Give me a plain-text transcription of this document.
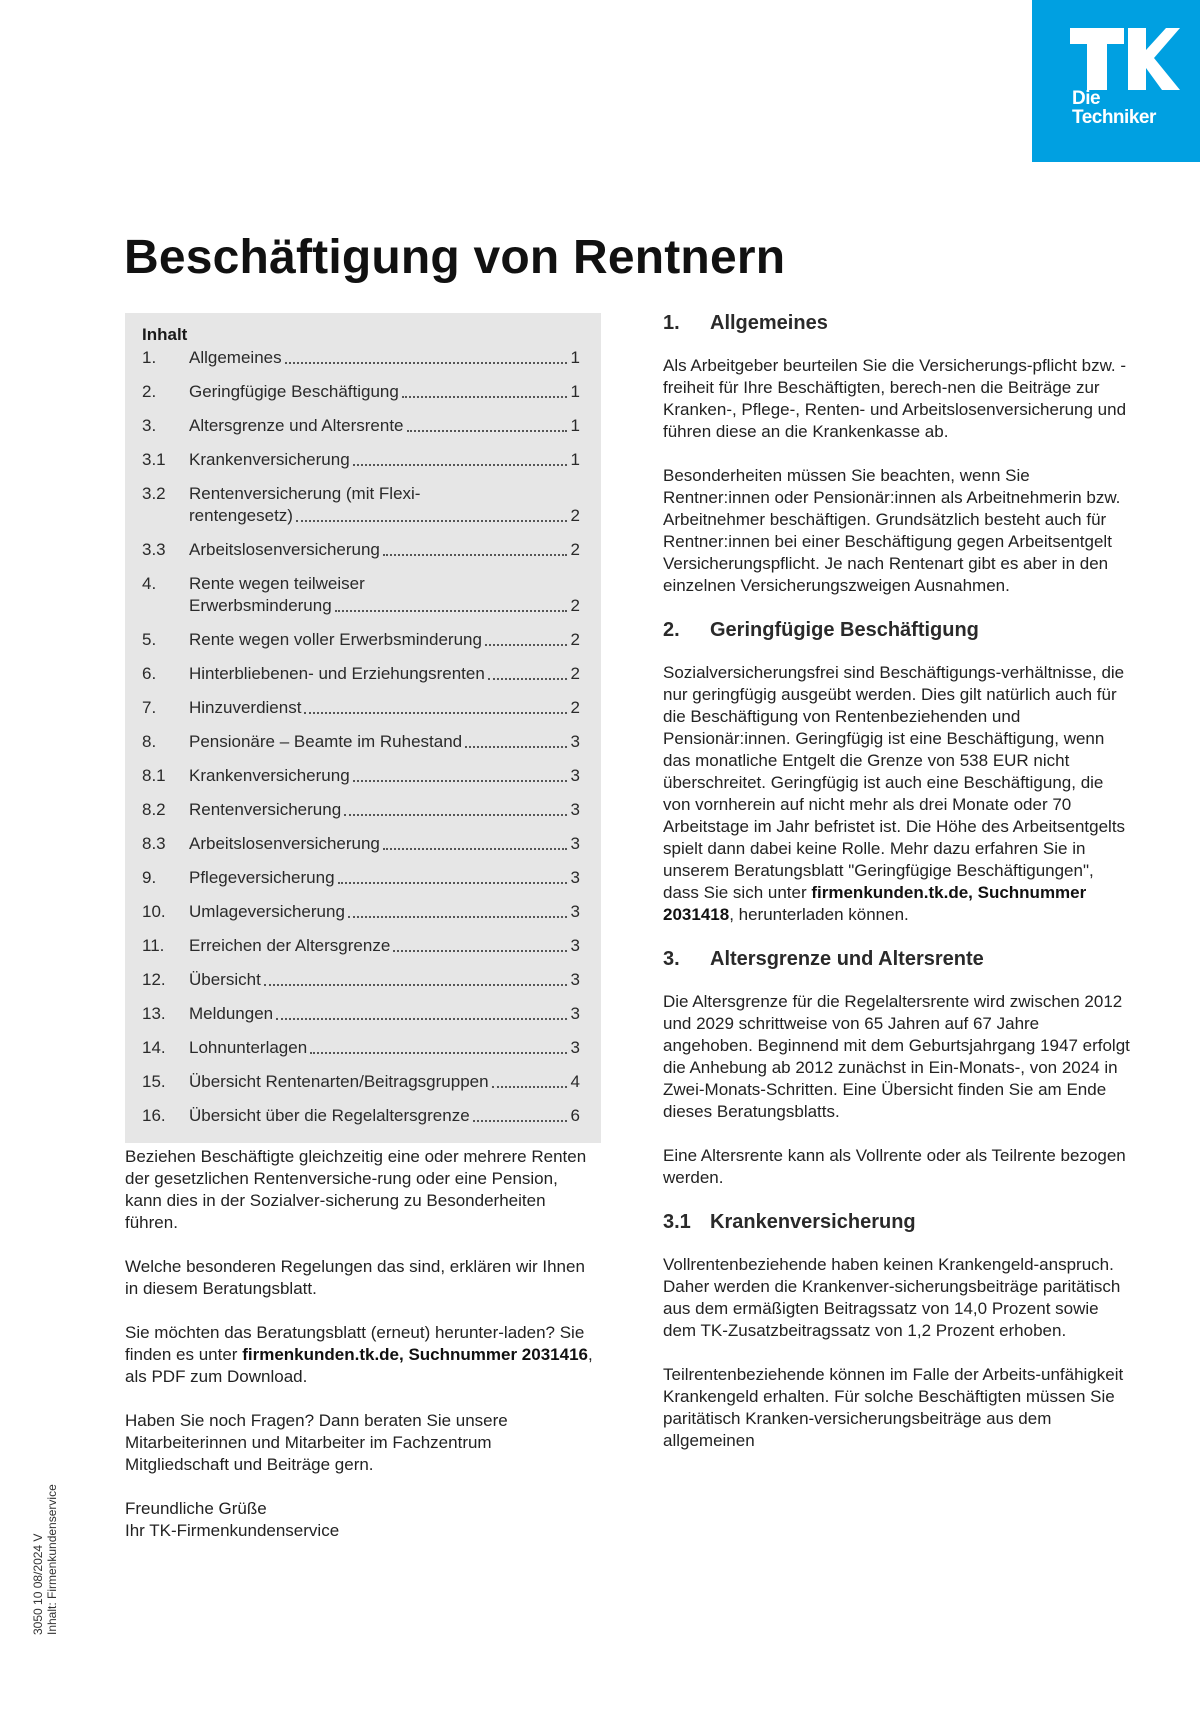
Die
Techniker
Beschäftigung von Rentnern
Inhalt
1.	Allgemeines	1
2.	Geringfügige Beschäftigung	1
3.	Altersgrenze und Altersrente	1
3.1	Krankenversicherung	1
3.2	Rentenversicherung (mit Flexi-
rentengesetz)	2
3.3	Arbeitslosenversicherung	2
4.	Rente wegen teilweiser
Erwerbsminderung	2
5.	Rente wegen voller Erwerbsminderung	2
6.	Hinterbliebenen- und Erziehungsrenten	2
7.	Hinzuverdienst	2
8.	Pensionäre – Beamte im Ruhestand	3
8.1	Krankenversicherung	3
8.2	Rentenversicherung	3
8.3	Arbeitslosenversicherung	3
9.	Pflegeversicherung	3
10.	Umlageversicherung	3
11.	Erreichen der Altersgrenze	3
12.	Übersicht	3
13.	Meldungen	3
14.	Lohnunterlagen	3
15.	Übersicht Rentenarten/Beitragsgruppen	4
16.	Übersicht über die Regelaltersgrenze	6

Beziehen Beschäftigte gleichzeitig eine oder mehrere Renten der gesetzlichen Rentenversiche-rung oder eine Pension, kann dies in der Sozialver-sicherung zu Besonderheiten führen.

Welche besonderen Regelungen das sind, erklären wir Ihnen in diesem Beratungsblatt.

Sie möchten das Beratungsblatt (erneut) herunter-laden? Sie finden es unter firmenkunden.tk.de, Suchnummer 2031416, als PDF zum Download.

Haben Sie noch Fragen? Dann beraten Sie unsere Mitarbeiterinnen und Mitarbeiter im Fachzentrum Mitgliedschaft und Beiträge gern.

Freundliche Grüße
Ihr TK-Firmenkundenservice

1.	Allgemeines

Als Arbeitgeber beurteilen Sie die Versicherungs-pflicht bzw. -freiheit für Ihre Beschäftigten, berech-nen die Beiträge zur Kranken-, Pflege-, Renten- und Arbeitslosenversicherung und führen diese an die Krankenkasse ab.

Besonderheiten müssen Sie beachten, wenn Sie Rentner:innen oder Pensionär:innen als Arbeitnehmerin bzw. Arbeitnehmer beschäftigen. Grundsätzlich besteht auch für Rentner:innen bei einer Beschäftigung gegen Arbeitsentgelt Versicherungspflicht. Je nach Rentenart gibt es aber in den einzelnen Versicherungszweigen Ausnahmen.

2.	Geringfügige Beschäftigung

Sozialversicherungsfrei sind Beschäftigungs-verhältnisse, die nur geringfügig ausgeübt werden. Dies gilt natürlich auch für die Beschäftigung von Rentenbeziehenden und Pensionär:innen. Geringfügig ist eine Beschäftigung, wenn das monatliche Entgelt die Grenze von 538 EUR nicht überschreitet. Geringfügig ist auch eine Beschäftigung, die von vornherein auf nicht mehr als drei Monate oder 70 Arbeitstage im Jahr befristet ist. Die Höhe des Arbeitsentgelts spielt dann dabei keine Rolle. Mehr dazu erfahren Sie in unserem Beratungsblatt "Geringfügige Beschäftigungen", dass Sie sich unter firmenkunden.tk.de, Suchnummer 2031418, herunterladen können.

3.	Altersgrenze und Altersrente

Die Altersgrenze für die Regelaltersrente wird zwischen 2012 und 2029 schrittweise von 65 Jahren auf 67 Jahre angehoben. Beginnend mit dem Geburtsjahrgang 1947 erfolgt die Anhebung ab 2012 zunächst in Ein-Monats-, von 2024 in Zwei-Monats-Schritten. Eine Übersicht finden Sie am Ende dieses Beratungsblatts.

Eine Altersrente kann als Vollrente oder als Teilrente bezogen werden.

3.1 Krankenversicherung

Vollrentenbeziehende haben keinen Krankengeld-anspruch. Daher werden die Krankenver-sicherungsbeiträge paritätisch aus dem ermäßigten Beitragssatz von 14,0 Prozent sowie dem TK-Zusatzbeitragssatz von 1,2 Prozent erhoben.

Teilrentenbeziehende können im Falle der Arbeits-unfähigkeit Krankengeld erhalten. Für solche Beschäftigten müssen Sie paritätisch Kranken-versicherungsbeiträge aus dem allgemeinen

3050 10 08/2024 V Inhalt: Firmenkundenservice
